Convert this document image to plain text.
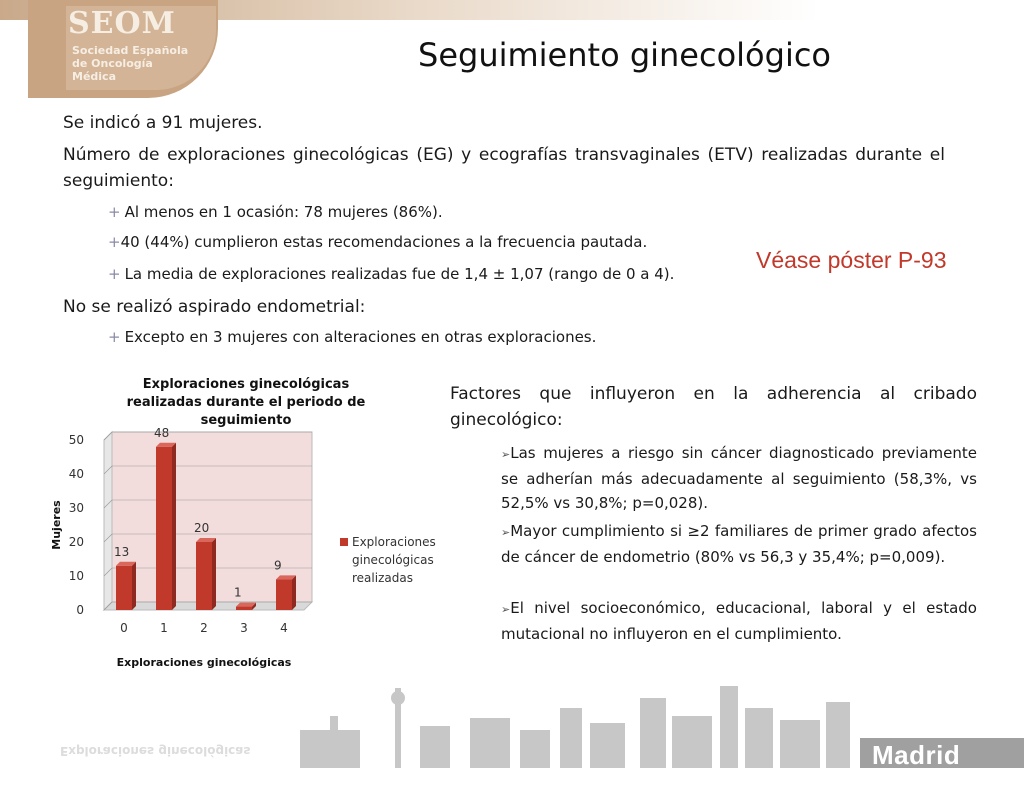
SEOM
Sociedad Española de Oncología Médica
Seguimiento ginecológico
Se indicó a 91 mujeres.
Número de exploraciones ginecológicas (EG) y ecografías transvaginales (ETV) realizadas durante el seguimiento:
+ Al menos en 1 ocasión: 78 mujeres (86%).
+40 (44%) cumplieron estas recomendaciones a la frecuencia pautada.
+ La media de exploraciones realizadas fue de 1,4 ± 1,07 (rango de 0 a 4).
Véase póster P-93
No se realizó aspirado endometrial:
+ Excepto en 3 mujeres con alteraciones en otras exploraciones.
Exploraciones ginecológicas realizadas durante el periodo de seguimiento
0
10
20
30
40
50
13
0
48
1
20
2
1
3
9
4
Mujeres
Exploraciones ginecológicas
Exploraciones
ginecológicas
realizadas
Exploraciones ginecológicas
Factores que influyeron en la adherencia al cribado ginecológico:
➢Las mujeres a riesgo sin cáncer diagnosticado previamente se adherían más adecuadamente al seguimiento (58,3%, vs 52,5% vs 30,8%; p=0,028).
➢Mayor cumplimiento si ≥2 familiares de primer grado afectos de cáncer de endometrio (80% vs 56,3 y 35,4%; p=0,009).
➢El nivel socioeconómico, educacional, laboral y el estado mutacional no influyeron en el cumplimiento.
Madrid 2010
